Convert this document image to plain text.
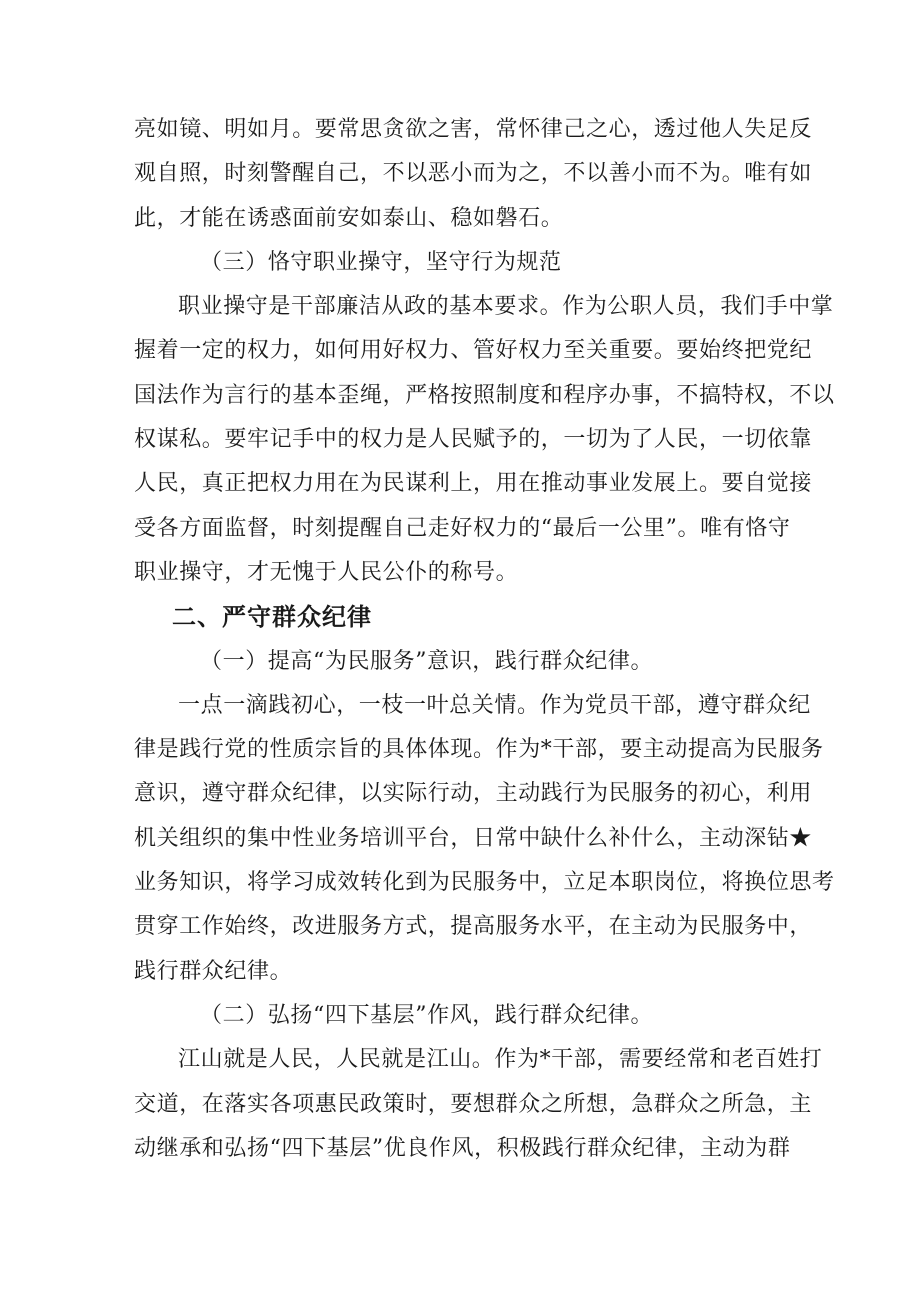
亮如镜、明如月。要常思贪欲之害，常怀律己之心，透过他人失足反
观自照，时刻警醒自己，不以恶小而为之，不以善小而不为。唯有如
此，才能在诱惑面前安如泰山、稳如磐石。
（三）恪守职业操守，坚守行为规范
职业操守是干部廉洁从政的基本要求。作为公职人员，我们手中掌
握着一定的权力，如何用好权力、管好权力至关重要。要始终把党纪
国法作为言行的基本歪绳，严格按照制度和程序办事，不搞特权，不以
权谋私。要牢记手中的权力是人民赋予的，一切为了人民，一切依靠
人民，真正把权力用在为民谋利上，用在推动事业发展上。要自觉接
受各方面监督，时刻提醒自己走好权力的“最后一公里”。唯有恪守
职业操守，才无愧于人民公仆的称号。
二、严守群众纪律
（一）提高“为民服务”意识，践行群众纪律。
一点一滴践初心，一枝一叶总关情。作为党员干部，遵守群众纪
律是践行党的性质宗旨的具体体现。作为*干部，要主动提高为民服务
意识，遵守群众纪律，以实际行动，主动践行为民服务的初心，利用
机关组织的集中性业务培训平台，日常中缺什么补什么，主动深钻★
业务知识，将学习成效转化到为民服务中，立足本职岗位，将换位思考
贯穿工作始终，改进服务方式，提高服务水平，在主动为民服务中，
践行群众纪律。
（二）弘扬“四下基层”作风，践行群众纪律。
江山就是人民，人民就是江山。作为*干部，需要经常和老百姓打
交道，在落实各项惠民政策时，要想群众之所想，急群众之所急，主
动继承和弘扬“四下基层”优良作风，积极践行群众纪律，主动为群
